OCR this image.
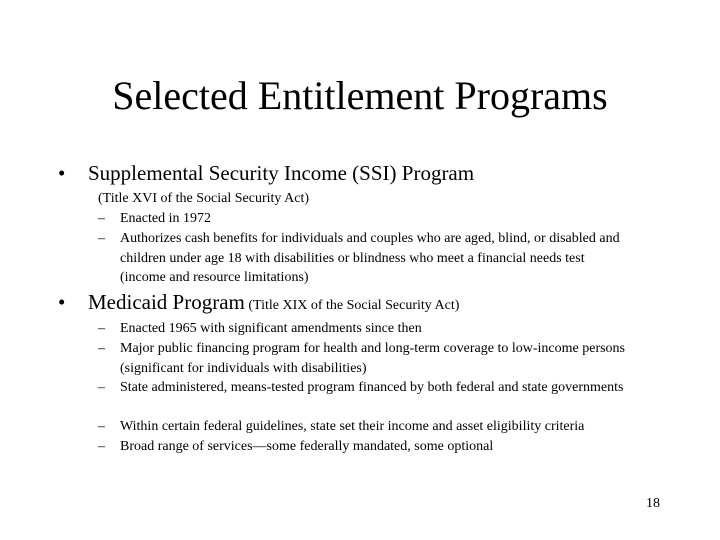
Selected Entitlement Programs
• Supplemental Security Income (SSI) Program
(Title XVI of the Social Security Act)
– Enacted in 1972
– Authorizes cash benefits for individuals and couples who are aged, blind, or disabled and children under age 18 with disabilities or blindness who meet a financial needs test (income and resource limitations)
• Medicaid Program (Title XIX of the Social Security Act)
– Enacted 1965 with significant amendments since then
– Major public financing program for health and long-term coverage to low-income persons (significant for individuals with disabilities)
– State administered, means-tested program financed by both federal and state governments
– Within certain federal guidelines, state set their income and asset eligibility criteria
– Broad range of services—some federally mandated, some optional
18
